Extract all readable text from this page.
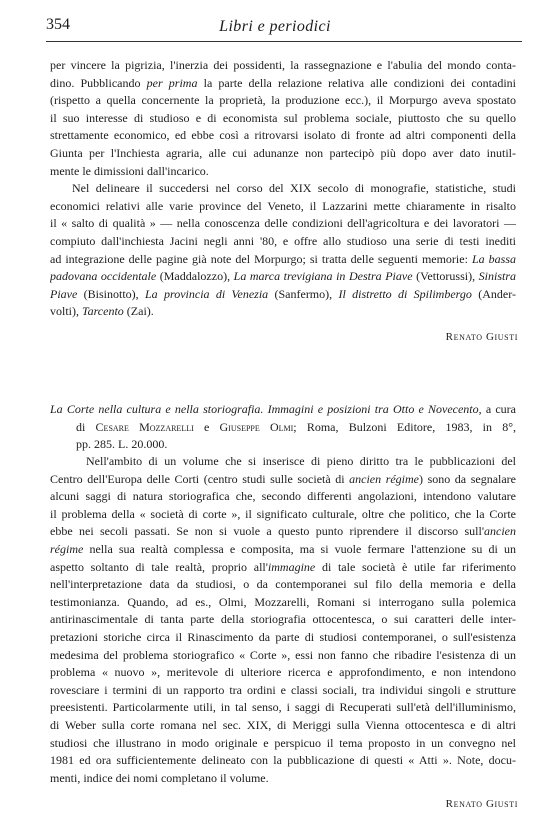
354	Libri e periodici

per vincere la pigrizia, l'inerzia dei possidenti, la rassegnazione e l'abulia del mondo conta-
dino. Pubblicando per prima la parte della relazione relativa alle condizioni dei contadini
(rispetto a quella concernente la proprietà, la produzione ecc.), il Morpurgo aveva spostato
il suo interesse di studioso e di economista sul problema sociale, piuttosto che su quello
strettamente economico, ed ebbe così a ritrovarsi isolato di fronte ad altri componenti della
Giunta per l'Inchiesta agraria, alle cui adunanze non partecipò più dopo aver dato inutil-
mente le dimissioni dall'incarico.

Nel delineare il succedersi nel corso del XIX secolo di monografie, statistiche, studi
economici relativi alle varie province del Veneto, il Lazzarini mette chiaramente in risalto
il « salto di qualità » — nella conoscenza delle condizioni dell'agricoltura e dei lavoratori —
compiuto dall'inchiesta Jacini negli anni '80, e offre allo studioso una serie di testi inediti
ad integrazione delle pagine già note del Morpurgo; si tratta delle seguenti memorie: La bassa
padovana occidentale (Maddalozzo), La marca trevigiana in Destra Piave (Vettorussi), Sinistra
Piave (Bisinotto), La provincia di Venezia (Sanfermo), Il distretto di Spilimbergo (Ander-
volti), Tarcento (Zai).

Renato Giusti

La Corte nella cultura e nella storiografia. Immagini e posizioni tra Otto e Novecento, a cura
di Cesare Mozzarelli e Giuseppe Olmi; Roma, Bulzoni Editore, 1983, in 8°,
pp. 285. L. 20.000.

Nell'ambito di un volume che si inserisce di pieno diritto tra le pubblicazioni del
Centro dell'Europa delle Corti (centro studi sulle società di ancien régime) sono da segnalare
alcuni saggi di natura storiografica che, secondo differenti angolazioni, intendono valutare
il problema della « società di corte », il significato culturale, oltre che politico, che la Corte
ebbe nei secoli passati. Se non si vuole a questo punto riprendere il discorso sull'ancien
régime nella sua realtà complessa e composita, ma si vuole fermare l'attenzione su di un
aspetto soltanto di tale realtà, proprio all'immagine di tale società è utile far riferimento
nell'interpretazione data da studiosi, o da contemporanei sul filo della memoria e della
testimonianza. Quando, ad es., Olmi, Mozzarelli, Romani si interrogano sulla polemica
antirinascimentale di tanta parte della storiografia ottocentesca, o sui caratteri delle inter-
pretazioni storiche circa il Rinascimento da parte di studiosi contemporanei, o sull'esistenza
medesima del problema storiografico « Corte », essi non fanno che ribadire l'esistenza di un
problema « nuovo », meritevole di ulteriore ricerca e approfondimento, e non intendono
rovesciare i termini di un rapporto tra ordini e classi sociali, tra individui singoli e strutture
preesistenti. Particolarmente utili, in tal senso, i saggi di Recuperati sull'età dell'illuminismo,
di Weber sulla corte romana nel sec. XIX, di Meriggi sulla Vienna ottocentesca e di altri
studiosi che illustrano in modo originale e perspicuo il tema proposto in un convegno nel
1981 ed ora sufficientemente delineato con la pubblicazione di questi « Atti ». Note, docu-
menti, indice dei nomi completano il volume.

Renato Giusti
